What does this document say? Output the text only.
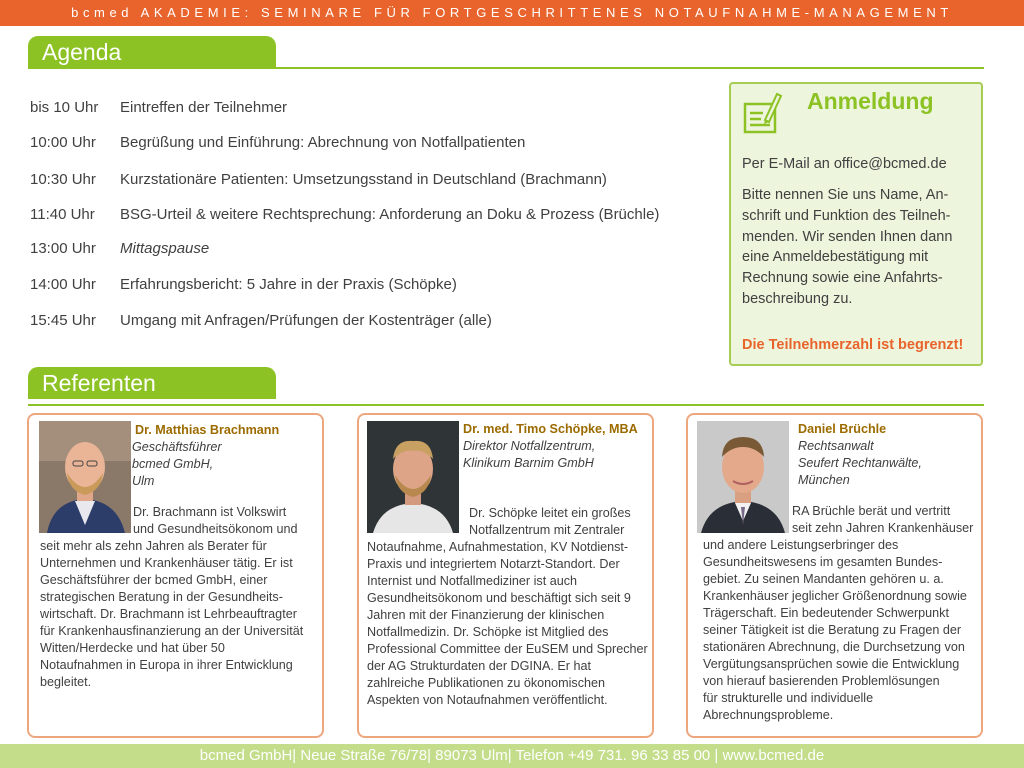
bcmed AKADEMIE: SEMINARE FÜR FORTGESCHRITTENES NOTAUFNAHME-MANAGEMENT
Agenda
bis 10 Uhr Eintreffen der Teilnehmer
10:00 Uhr Begrüßung und Einführung: Abrechnung von Notfallpatienten
10:30 Uhr Kurzstationäre Patienten: Umsetzungsstand in Deutschland (Brachmann)
11:40 Uhr BSG-Urteil & weitere Rechtsprechung: Anforderung an Doku & Prozess (Brüchle)
13:00 Uhr Mittagspause
14:00 Uhr Erfahrungsbericht: 5 Jahre in der Praxis (Schöpke)
15:45 Uhr Umgang mit Anfragen/Prüfungen der Kostenträger (alle)
Anmeldung
Per E-Mail an office@bcmed.de
Bitte nennen Sie uns Name, An-
schrift und Funktion des Teilneh-
menden. Wir senden Ihnen dann
eine Anmeldebestätigung mit
Rechnung sowie eine Anfahrts-
beschreibung zu.
Die Teilnehmerzahl ist begrenzt!
Referenten
Dr. Matthias Brachmann
Geschäftsführer
bcmed GmbH,
Ulm
Dr. Brachmann ist Volkswirt
und Gesundheitsökonom und
seit mehr als zehn Jahren als Berater für
Unternehmen und Krankenhäuser tätig. Er ist
Geschäftsführer der bcmed GmbH, einer
strategischen Beratung in der Gesundheits-
wirtschaft. Dr. Brachmann ist Lehrbeauftragter
für Krankenhausfinanzierung an der Universität
Witten/Herdecke und hat über 50
Notaufnahmen in Europa in ihrer Entwicklung
begleitet.
Dr. med. Timo Schöpke, MBA
Direktor Notfallzentrum,
Klinikum Barnim GmbH
Dr. Schöpke leitet ein großes
Notfallzentrum mit Zentraler
Notaufnahme, Aufnahmestation, KV Notdienst-
Praxis und integriertem Notarzt-Standort. Der
Internist und Notfallmediziner ist auch
Gesundheitsökonom und beschäftigt sich seit 9
Jahren mit der Finanzierung der klinischen
Notfallmedizin. Dr. Schöpke ist Mitglied des
Professional Committee der EuSEM und Sprecher
der AG Strukturdaten der DGINA. Er hat
zahlreiche Publikationen zu ökonomischen
Aspekten von Notaufnahmen veröffentlicht.
Daniel Brüchle
Rechtsanwalt
Seufert Rechtanwälte,
München
RA Brüchle berät und vertritt
seit zehn Jahren Krankenhäuser
und andere Leistungserbringer des
Gesundheitswesens im gesamten Bundes-
gebiet. Zu seinen Mandanten gehören u. a.
Krankenhäuser jeglicher Größenordnung sowie
Trägerschaft. Ein bedeutender Schwerpunkt
seiner Tätigkeit ist die Beratung zu Fragen der
stationären Abrechnung, die Durchsetzung von
Vergütungsansprüchen sowie die Entwicklung
von hierauf basierenden Problemlösungen
für strukturelle und individuelle
Abrechnungsprobleme.
bcmed GmbH| Neue Straße 76/78| 89073 Ulm| Telefon +49 731. 96 33 85 00 | www.bcmed.de
